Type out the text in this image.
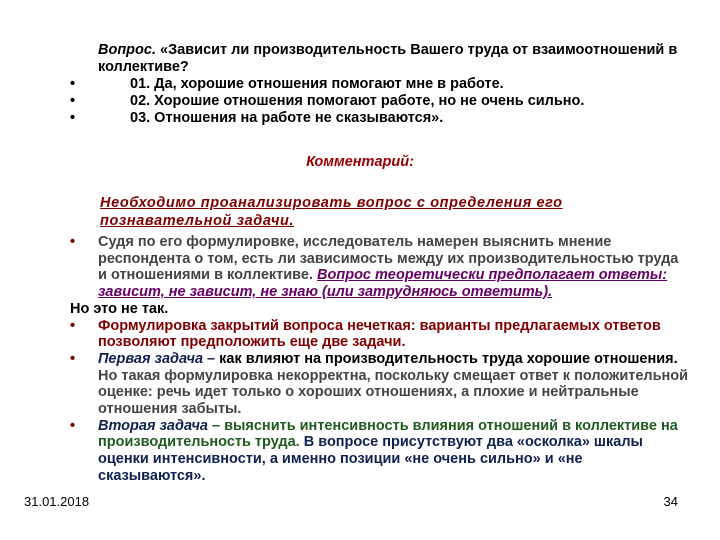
Вопрос. «Зависит ли производительность Вашего труда от взаимоотношений в коллективе?
•	01. Да, хорошие отношения помогают мне в работе.
•	02. Хорошие отношения помогают работе, но не очень сильно.
•	03. Отношения на работе не сказываются».
Комментарий:
Необходимо проанализировать вопрос с определения его познавательной задачи.

• Судя по его формулировке, исследователь намерен выяснить мнение респондента о том, есть ли зависимость между их производительностью труда и отношениями в коллективе. Вопрос теоретически предполагает ответы: зависит, не зависит, не знаю (или затрудняюсь ответить).

Но это не так.

• Формулировка закрытий вопроса нечеткая: варианты предлагаемых ответов позволяют предположить еще две задачи.

• Первая задача – как влияют на производительность труда хорошие отношения. Но такая формулировка некорректна, поскольку смещает ответ к положительной оценке: речь идет только о хороших отношениях, а плохие и нейтральные отношения забыты.

• Вторая задача – выяснить интенсивность влияния отношений в коллективе на производительность труда. В вопросе присутствуют два «осколка» шкалы оценки интенсивности, а именно позиции «не очень сильно» и «не сказываются».

31.01.2018	34
